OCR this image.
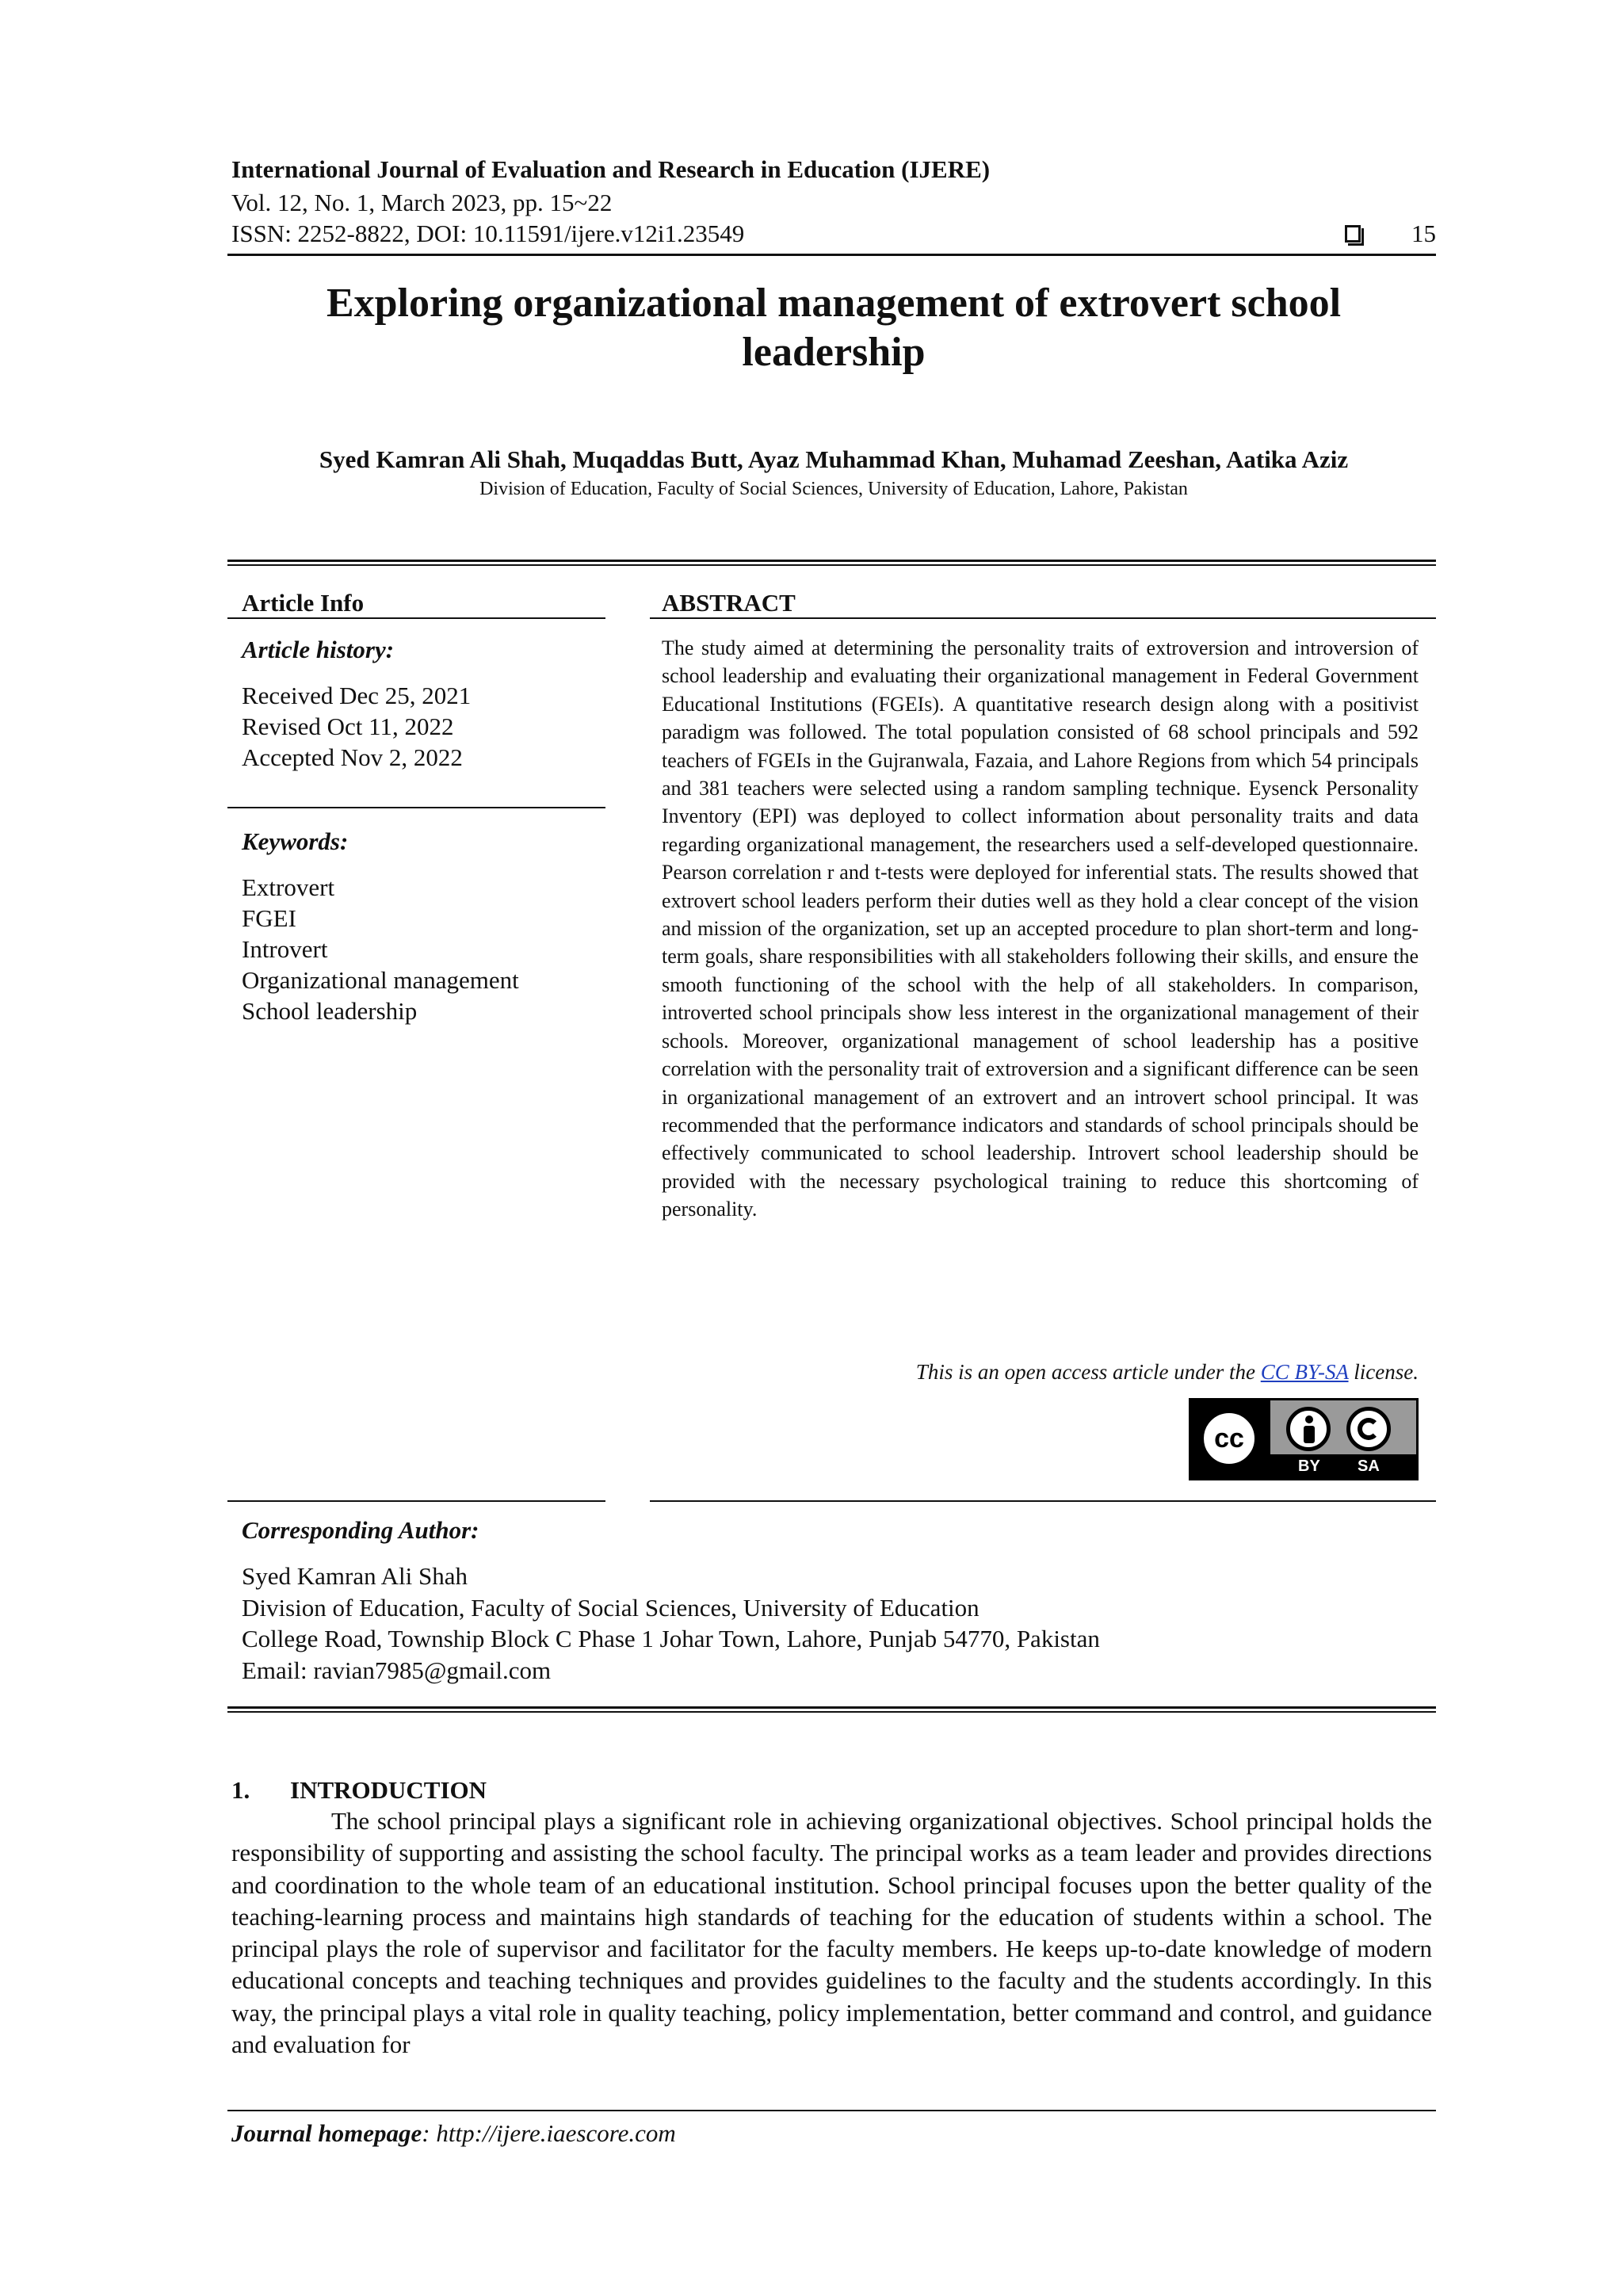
International Journal of Evaluation and Research in Education (IJERE)
Vol. 12, No. 1, March 2023, pp. 15~22
ISSN: 2252-8822, DOI: 10.11591/ijere.v12i1.23549	15
Exploring organizational management of extrovert school leadership
Syed Kamran Ali Shah, Muqaddas Butt, Ayaz Muhammad Khan, Muhamad Zeeshan, Aatika Aziz
Division of Education, Faculty of Social Sciences, University of Education, Lahore, Pakistan
Article Info	ABSTRACT
Article history:
Received Dec 25, 2021
Revised Oct 11, 2022
Accepted Nov 2, 2022
Keywords:
Extrovert
FGEI
Introvert
Organizational management
School leadership
The study aimed at determining the personality traits of extroversion and introversion of school leadership and evaluating their organizational management in Federal Government Educational Institutions (FGEIs). A quantitative research design along with a positivist paradigm was followed. The total population consisted of 68 school principals and 592 teachers of FGEIs in the Gujranwala, Fazaia, and Lahore Regions from which 54 principals and 381 teachers were selected using a random sampling technique. Eysenck Personality Inventory (EPI) was deployed to collect information about personality traits and data regarding organizational management, the researchers used a self-developed questionnaire. Pearson correlation r and t-tests were deployed for inferential stats. The results showed that extrovert school leaders perform their duties well as they hold a clear concept of the vision and mission of the organization, set up an accepted procedure to plan short-term and long-term goals, share responsibilities with all stakeholders following their skills, and ensure the smooth functioning of the school with the help of all stakeholders. In comparison, introverted school principals show less interest in the organizational management of their schools. Moreover, organizational management of school leadership has a positive correlation with the personality trait of extroversion and a significant difference can be seen in organizational management of an extrovert and an introvert school principal. It was recommended that the performance indicators and standards of school principals should be effectively communicated to school leadership. Introvert school leadership should be provided with the necessary psychological training to reduce this shortcoming of personality.
This is an open access article under the CC BY-SA license.
cc
BY SA
Corresponding Author:
Syed Kamran Ali Shah
Division of Education, Faculty of Social Sciences, University of Education
College Road, Township Block C Phase 1 Johar Town, Lahore, Punjab 54770, Pakistan
Email: ravian7985@gmail.com
1. INTRODUCTION
The school principal plays a significant role in achieving organizational objectives. School principal holds the responsibility of supporting and assisting the school faculty. The principal works as a team leader and provides directions and coordination to the whole team of an educational institution. School principal focuses upon the better quality of the teaching-learning process and maintains high standards of teaching for the education of students within a school. The principal plays the role of supervisor and facilitator for the faculty members. He keeps up-to-date knowledge of modern educational concepts and teaching techniques and provides guidelines to the faculty and the students accordingly. In this way, the principal plays a vital role in quality teaching, policy implementation, better command and control, and guidance and evaluation for
Journal homepage: http://ijere.iaescore.com
